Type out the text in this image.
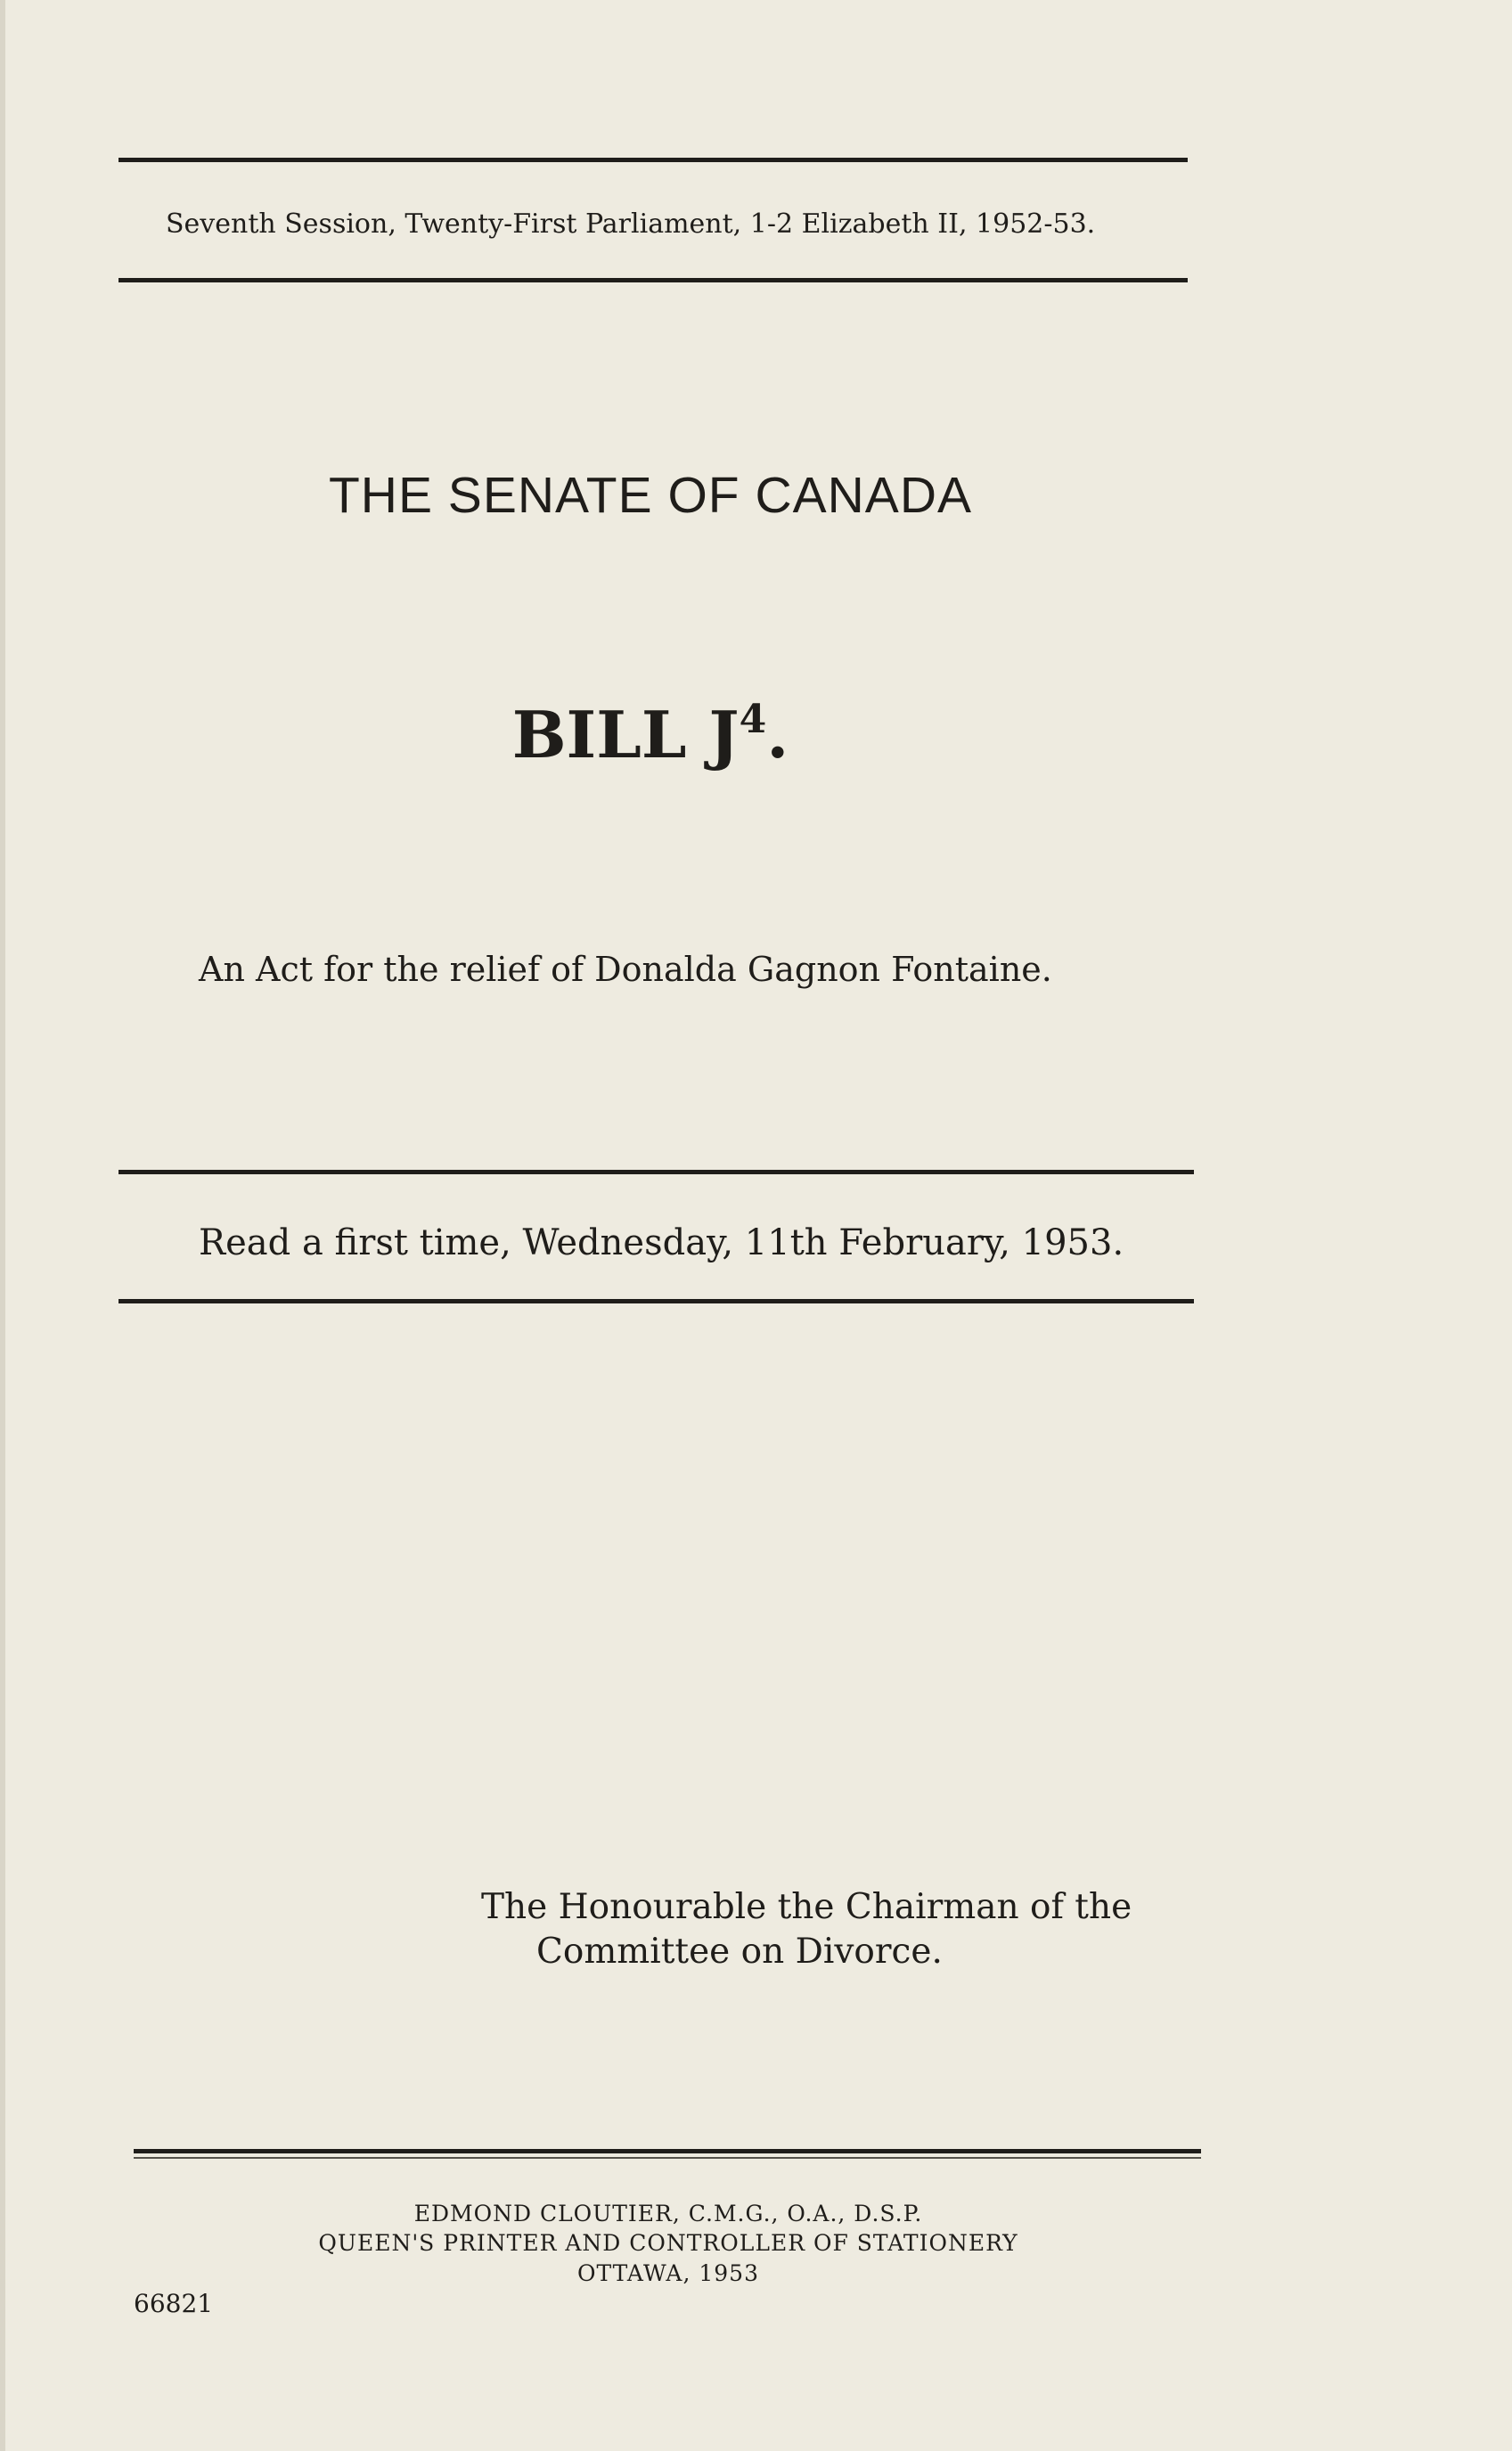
Seventh Session, Twenty-First Parliament, 1-2 Elizabeth II, 1952-53.
THE SENATE OF CANADA
BILL $J^4$.
An Act for the relief of Donalda Gagnon Fontaine.
Read a first time, Wednesday, 11th February, 1953.
The Honourable the Chairman of the
Committee on Divorce.
EDMOND CLOUTIER, C.M.G., O.A., D.S.P.
QUEEN'S PRINTER AND CONTROLLER OF STATIONERY
OTTAWA, 1953
66821
